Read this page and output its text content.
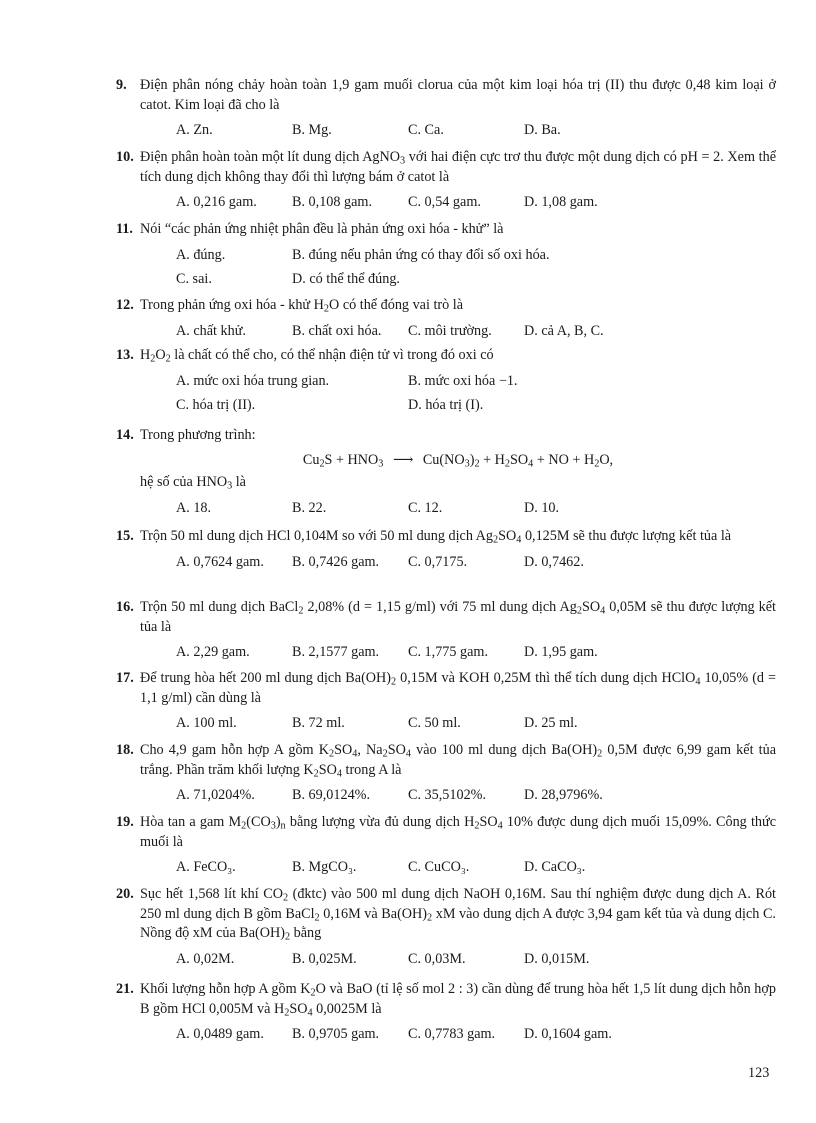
9 . Điện phân nóng chảy hoàn toàn 1,9 gam muối clorua của một kim loại hóa trị (II) thu được 0,48 kim loại ở catot. Kim loại đã cho là
A. Zn.	B. Mg.	C. Ca.	D. Ba.
10 . Điện phân hoàn toàn một lít dung dịch AgNO$_3$ với hai điện cực trơ thu được một dung dịch có pH = 2. Xem thể tích dung dịch không thay đổi thì lượng bám ở catot là
A. 0,216 gam. B. 0,108 gam.	C. 0,54 gam.	D. 1,08 gam.
11 . Nói “các phản ứng nhiệt phân đều là phản ứng oxi hóa - khử” là
A. đúng.	B. đúng nếu phản ứng có thay đổi số oxi hóa.
C. sai.	D. có thể thể đúng.
12 . Trong phản ứng oxi hóa - khử $H_2O$ có thể đóng vai trò là
A. chất khử.	B. chất oxi hóa. C. môi trường. D. cả A, B, C.
13 . $H_2O_2$ là chất có thể cho, có thể nhận điện tử vì trong đó oxi có
A. mức oxi hóa trung gian.	B. mức oxi hóa −1.
C. hóa trị (II).	D. hóa trị (I).
14 . Trong phương trình:
$Cu_2S + HNO_3$ ⟶ $Cu(NO_3)_2 + H_2SO_4$ + NO + $H_2O$,
hệ số của $HNO_3$ là
A. 18.	B. 22.	C. 12.	D. 10.
15 . Trộn 50 ml dung dịch HCl 0,104M so với 50 ml dung dịch $Ag_2SO_4$ 0,125M sẽ thu được lượng kết tủa là
A. 0,7624 gam. B. 0,7426 gam. C. 0,7175.	D. 0,7462.
16 . Trộn 50 ml dung dịch BaCl$_2$ 2,08% (d = 1,15 g/ml) với 75 ml dung dịch $Ag_2SO_4$ 0,05M sẽ thu được lượng kết tủa là
A. 2,29 gam.	B. 2,1577 gam. C. 1,775 gam.	D. 1,95 gam.
17 . Để trung hòa hết 200 ml dung dịch $Ba(OH)_2$ 0,15M và KOH 0,25M thì thể tích dung dịch HClO$_4$ 10,05% (d = 1,1 g/ml) cần dùng là
A. 100 ml.	B. 72 ml.	C. 50 ml.	D. 25 ml.
18 . Cho 4,9 gam hỗn hợp A gồm $K_2SO_4$, $Na_2SO_4$ vào 100 ml dung dịch $Ba(OH)_2$ 0,5M được 6,99 gam kết tủa trắng. Phần trăm khối lượng $K_2SO_4$ trong A là
A. 71,0204%.	B. 69,0124%.	C. 35,5102%.	D. 28,9796%.
19 . Hòa tan a gam $M_2(CO_3)_n$ bằng lượng vừa đủ dung dịch $H_2SO_4$ 10% được dung dịch muối 15,09%. Công thức muối là
A. FeCO₃.	B. MgCO₃.	C. CuCO₃.	D. CaCO₃.
20 . Sục hết 1,568 lít khí $CO_2$ (đktc) vào 500 ml dung dịch NaOH 0,16M. Sau thí nghiệm được dung dịch A. Rót 250 ml dung dịch B gồm BaCl$_2$ 0,16M và $Ba(OH)_2$ xM vào dung dịch A được 3,94 gam kết tủa và dung dịch C. Nồng độ xM của $Ba(OH)_2$ bằng
A. 0,02M.	B. 0,025M.	C. 0,03M.	D. 0,015M.
21 . Khối lượng hỗn hợp A gồm $K_2O$ và BaO (tỉ lệ số mol 2 : 3) cần dùng để trung hòa hết 1,5 lít dung dịch hỗn hợp B gồm HCl 0,005M và $H_2SO_4$ 0,0025M là
A. 0,0489 gam. B. 0,9705 gam. C. 0,7783 gam. D. 0,1604 gam.
123
